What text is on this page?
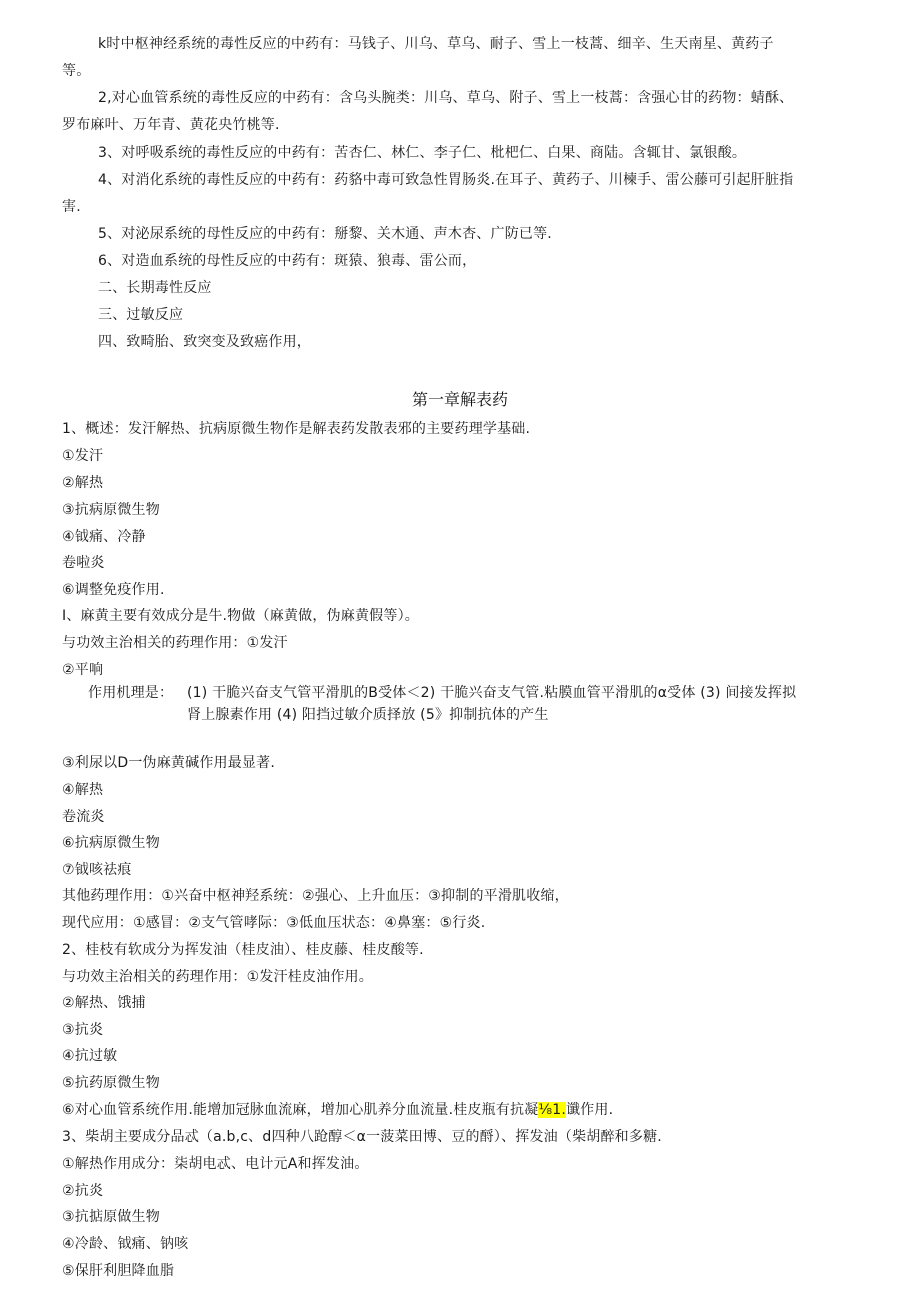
k时中枢神经系统的毒性反应的中药有：马钱子、川乌、草乌、耐子、雪上一枝蒿、细辛、生天南星、黄药子
等。
2,对心血管系统的毒性反应的中药有：含乌头腕类：川乌、草乌、附子、雪上一枝蒿：含强心甘的药物：蜻酥、
罗布麻叶、万年青、黄花央竹桃等.
3、对呼吸系统的毒性反应的中药有：苦杏仁、林仁、李子仁、枇杷仁、白果、商陆。含辄甘、氯银酸。
4、对消化系统的毒性反应的中药有：药貉中毒可致急性胃肠炎.在耳子、黄药子、川楝手、雷公藤可引起肝脏指
害.
5、对泌尿系统的母性反应的中药有：掰黎、关木通、声木杏、广防已等.
6、对造血系统的母性反应的中药有：斑猿、狼毒、雷公而，
二、长期毒性反应
三、过敏反应
四、致畸胎、致突变及致癌作用，
第一章解表药
1、概述：发汗解热、抗病原微生物作是解表药发散表邪的主要药理学基础.
①发汗
②解热
③抗病原微生物
④钺痛、冷静
卷啦炎
⑥调整免疫作用.
I、麻黄主要有效成分是牛.物做（麻黄做，伪麻黄假等）。
与功效主治相关的药理作用：①发汗
②平响
作用机理是： (1) 干脆兴奋支气管平滑肌的B受体＜2) 干脆兴奋支气管.粘膜血管平滑肌的α受体 (3) 间接发挥拟
肾上腺素作用 (4) 阳挡过敏介质择放 (5》抑制抗体的产生
③利尿以D一伪麻黄碱作用最显著.
④解热
卷流炎
⑥抗病原微生物
⑦钺咳祛痕
其他药理作用：①兴奋中枢神羟系统：②强心、上升血压：③抑制的平滑肌收缩，
现代应用：①感冒：②支气管哮际：③低血压状态：④鼻塞：⑤行炎.
2、桂枝有软成分为挥发油（桂皮油）、桂皮藤、桂皮酸等.
与功效主治相关的药理作用：①发汗桂皮油作用。
②解热、饿捕
③抗炎
④抗过敏
⑤抗药原微生物
⑥对心血管系统作用.能增加冠脉血流麻，增加心肌养分血流量.桂皮瓶有抗凝⅛1.谶作用.
3、柴胡主要成分品忒（a.b,c、d四种八跄醇＜α一菠菜田博、豆的酹）、挥发油（柴胡醉和多糖.
①解热作用成分：柒胡电忒、电计元A和挥发油。
②抗炎
③抗掂原做生物
④冷龄、钺痛、钠咳
⑤保肝利胆降血脂
